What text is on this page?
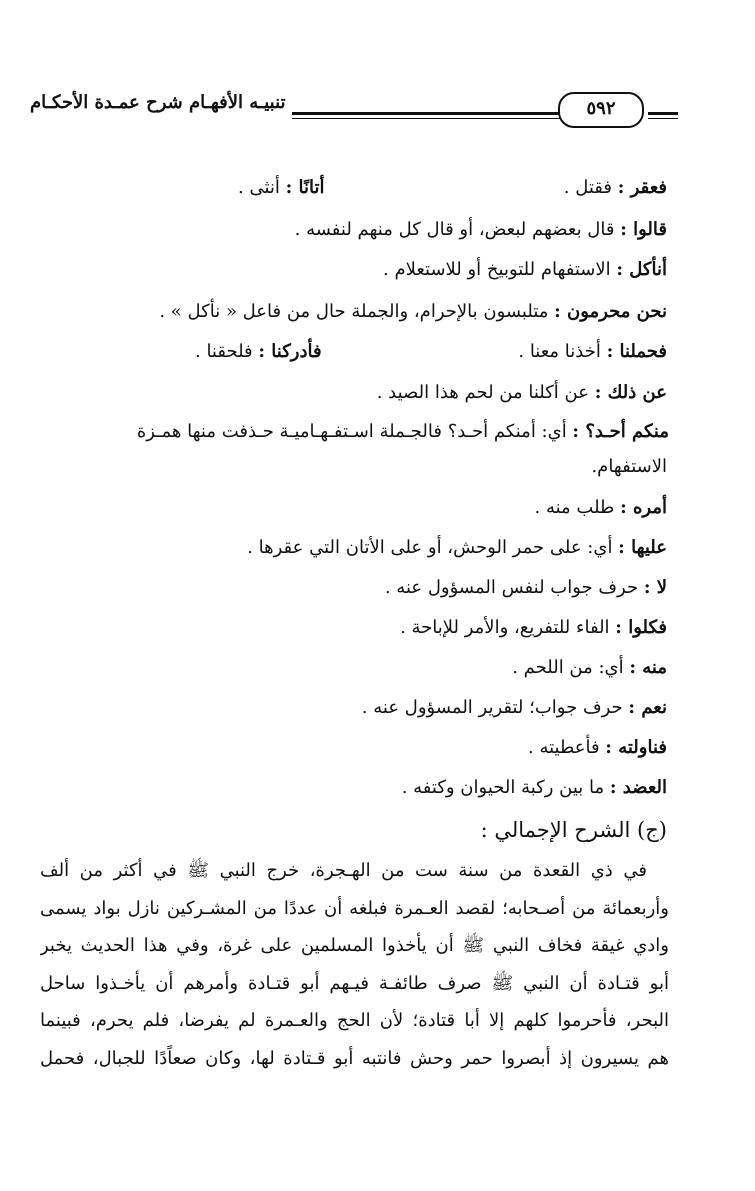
تنبيـه الأفهـام شرح عمـدة الأحكـام	٥٩٢
فعقر : فقتل .
أتانًا : أنثى .
قالوا : قال بعضهم لبعض، أو قال كل منهم لنفسه .
أنأكل : الاستفهام للتوبيخ أو للاستعلام .
نحن محرمون : متلبسون بالإحرام، والجملة حال من فاعل « نأكل » .
فحملنا : أخذنا معنا .
فأدركنا : فلحقنا .
عن ذلك : عن أكلنا من لحم هذا الصيد .
منكم أحـد؟ : أي: أمنكم أحـد؟ فالجـملة اسـتفـهـاميـة حـذفت منها همـزة
الاستفهام.
أمره : طلب منه .
عليها : أي: على حمر الوحش، أو على الأتان التي عقرها .
لا : حرف جواب لنفس المسؤول عنه .
فكلوا : الفاء للتفريع، والأمر للإباحة .
منه : أي: من اللحم .
نعم : حرف جواب؛ لتقرير المسؤول عنه .
فناولته : فأعطيته .
العضد : ما بين ركبة الحيوان وكتفه .
(ج) الشرح الإجمالي :
في ذي القعدة من سنة ست من الهـجرة، خرج النبي ﷺ في أكثر من ألف
وأربعمائة من أصـحابه؛ لقصد العـمرة فبلغه أن عددًا من المشـركين نازل بواد يسمى
وادي غيقة فخاف النبي ﷺ أن يأخذوا المسلمين على غرة، وفي هذا الحديث يخبر
أبو قتـادة أن النبي ﷺ صرف طائفـة فيـهم أبو قتـادة وأمرهم أن يأخـذوا ساحل
البحر، فأحرموا كلهم إلا أبا قتادة؛ لأن الحج والعـمرة لم يفرضا، فلم يحرم، فبينما
هم يسيرون إذ أبصروا حمر وحش فانتبه أبو قـتادة لها، وكان صعاًدًا للجبال، فحمل
